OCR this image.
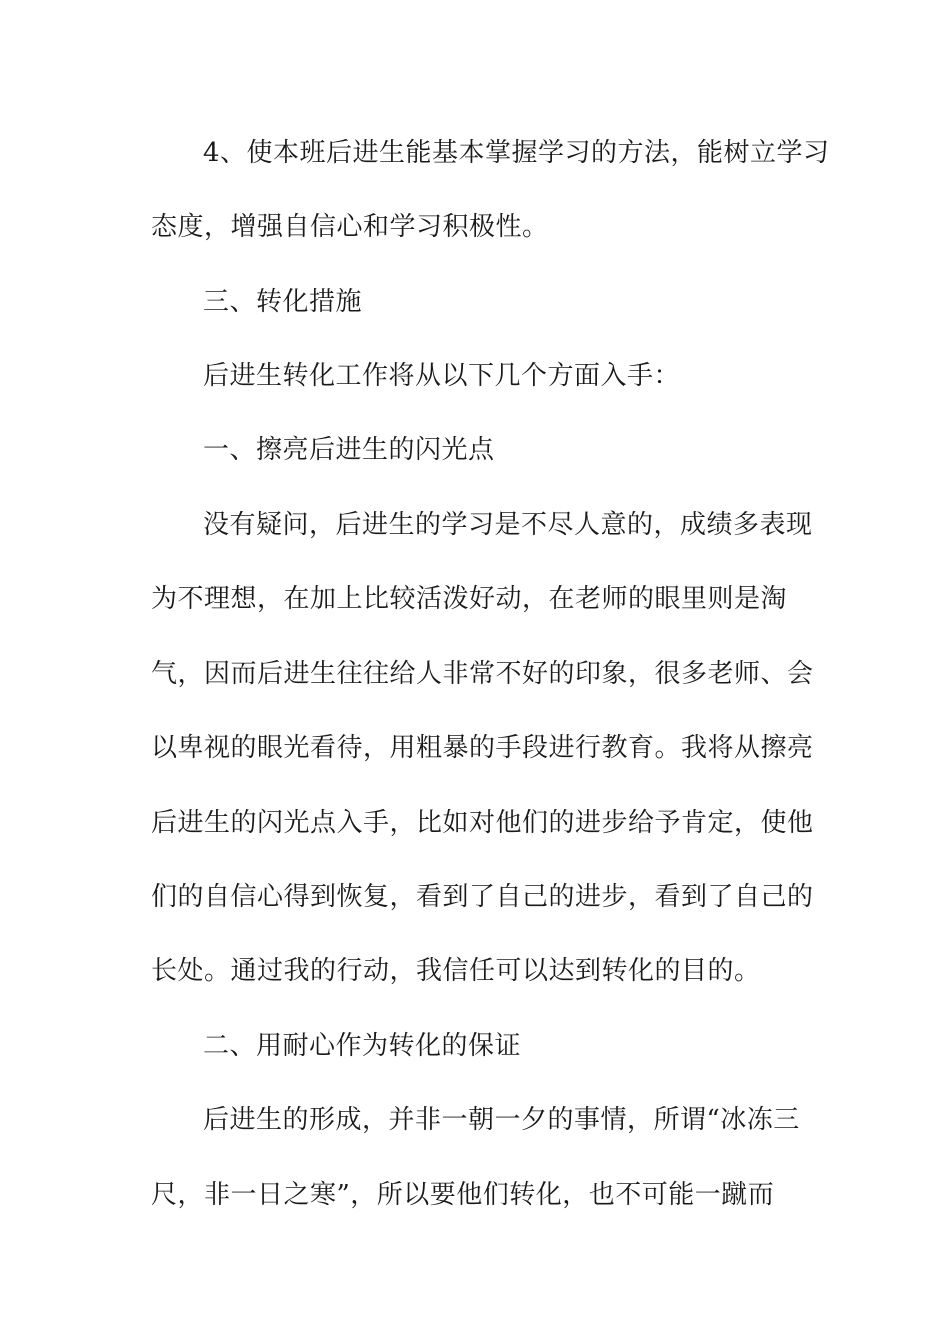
4、使本班后进生能基本掌握学习的方法，能树立学习
态度，增强自信心和学习积极性。
三、转化措施
后进生转化工作将从以下几个方面入手：
一、擦亮后进生的闪光点
没有疑问，后进生的学习是不尽人意的，成绩多表现
为不理想，在加上比较活泼好动，在老师的眼里则是淘
气，因而后进生往往给人非常不好的印象，很多老师、会
以卑视的眼光看待，用粗暴的手段进行教育。我将从擦亮
后进生的闪光点入手，比如对他们的进步给予肯定，使他
们的自信心得到恢复，看到了自己的进步，看到了自己的
长处。通过我的行动，我信任可以达到转化的目的。
二、用耐心作为转化的保证
后进生的形成，并非一朝一夕的事情，所谓“冰冻三
尺，非一日之寒”，所以要他们转化，也不可能一蹴而
